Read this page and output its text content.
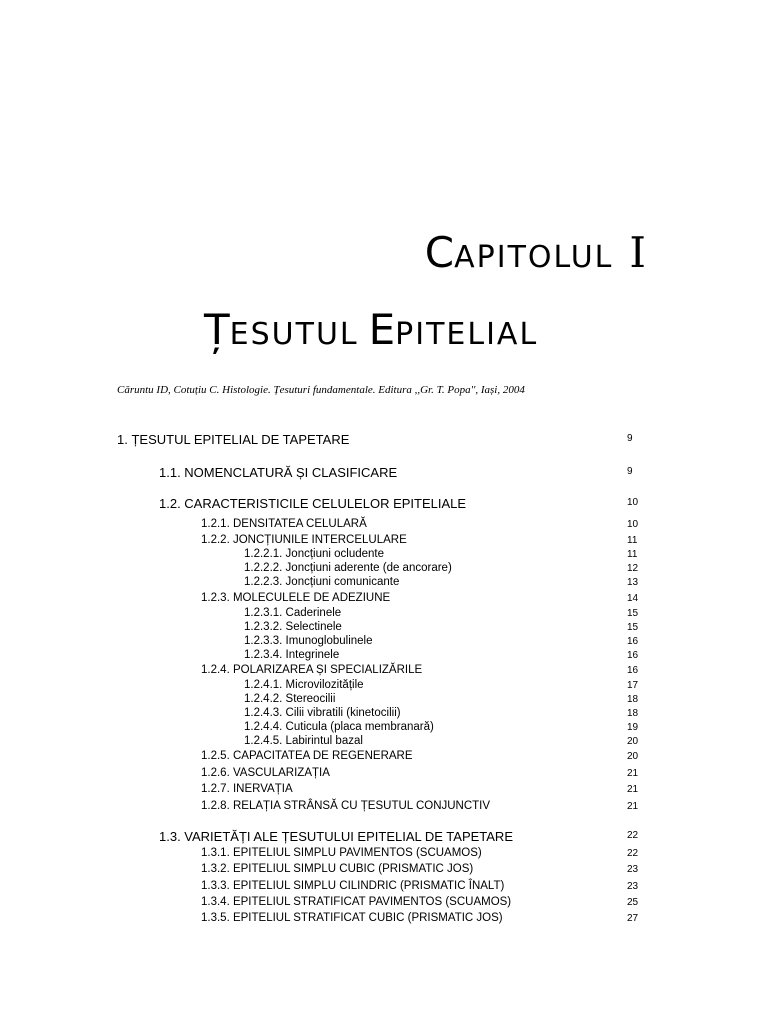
CAPITOLUL I
ȚESUTUL EPITELIAL
Căruntu ID, Cotuțiu C. Histologie. Țesuturi fundamentale. Editura ,,Gr. T. Popa'', Iași, 2004
1. ȚESUTUL EPITELIAL DE TAPETARE	9
1.1. NOMENCLATURĂ ȘI CLASIFICARE	9
1.2. CARACTERISTICILE CELULELOR EPITELIALE	10
1.2.1. DENSITATEA CELULARĂ	10
1.2.2. JONCȚIUNILE INTERCELULARE	11
1.2.2.1. Joncțiuni ocludente	11
1.2.2.2. Joncțiuni aderente (de ancorare)	12
1.2.2.3. Joncțiuni comunicante	13
1.2.3. MOLECULELE DE ADEZIUNE	14
1.2.3.1. Caderinele	15
1.2.3.2. Selectinele	15
1.2.3.3. Imunoglobulinele	16
1.2.3.4. Integrinele	16
1.2.4. POLARIZAREA ȘI SPECIALIZĂRILE	16
1.2.4.1. Microvilozitățile	17
1.2.4.2. Stereocilii	18
1.2.4.3. Cilii vibratili (kinetocilii)	18
1.2.4.4. Cuticula (placa membranară)	19
1.2.4.5. Labirintul bazal	20
1.2.5. CAPACITATEA DE REGENERARE	20
1.2.6. VASCULARIZAȚIA	21
1.2.7. INERVAȚIA	21
1.2.8. RELAȚIA STRÂNSĂ CU ȚESUTUL CONJUNCTIV	21
1.3. VARIETĂȚI ALE ȚESUTULUI EPITELIAL DE TAPETARE	22
1.3.1. EPITELIUL SIMPLU PAVIMENTOS (SCUAMOS)	22
1.3.2. EPITELIUL SIMPLU CUBIC (PRISMATIC JOS)	23
1.3.3. EPITELIUL SIMPLU CILINDRIC (PRISMATIC ÎNALT)	23
1.3.4. EPITELIUL STRATIFICAT PAVIMENTOS (SCUAMOS)	25
1.3.5. EPITELIUL STRATIFICAT CUBIC (PRISMATIC JOS)	27
